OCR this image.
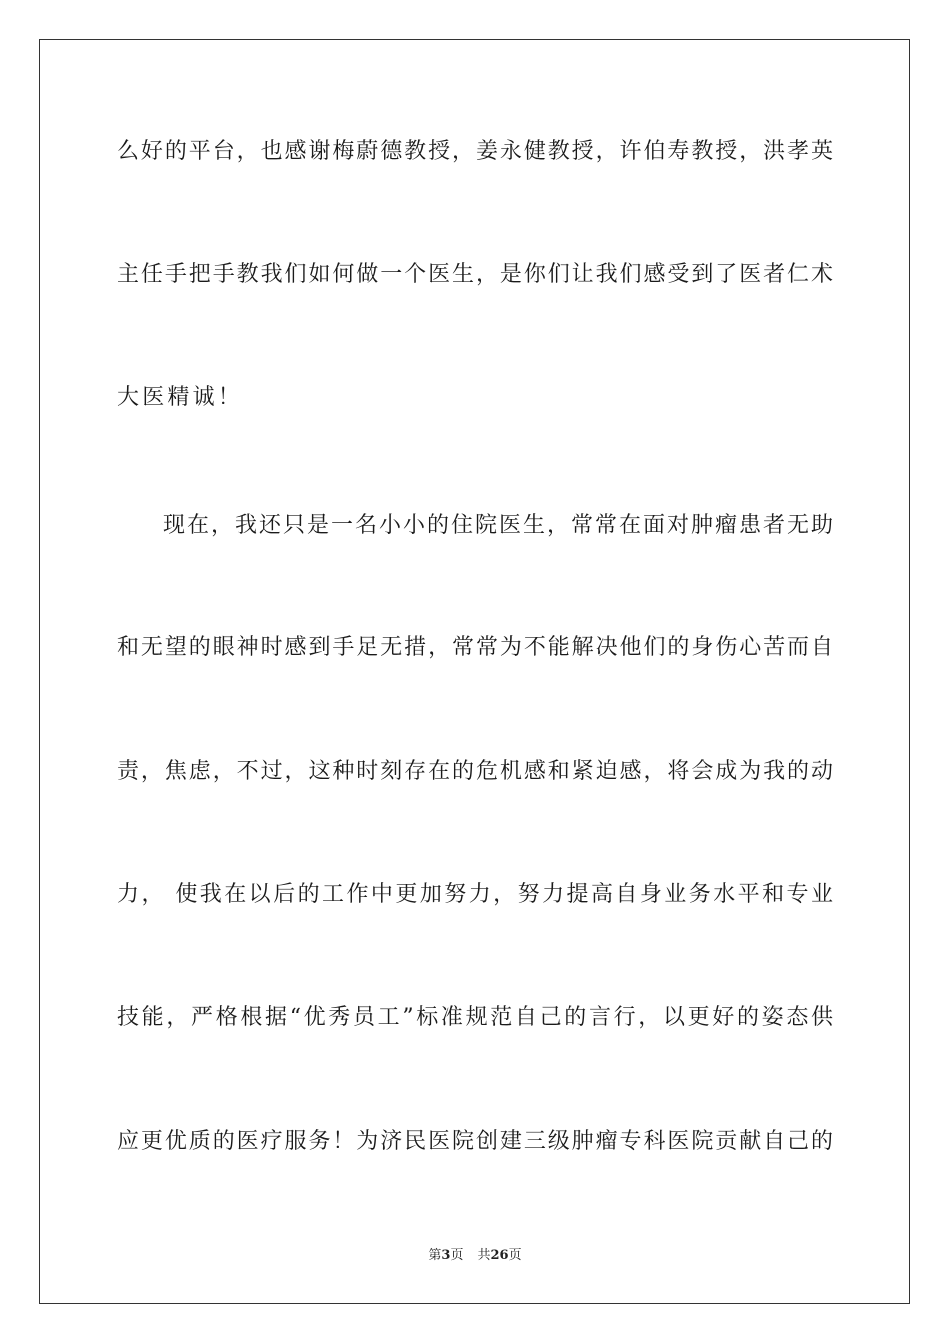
么好的平台，也感谢梅蔚德教授，姜永健教授，许伯寿教授，洪孝英
主任手把手教我们如何做一个医生，是你们让我们感受到了医者仁术
大医精诚！
现在，我还只是一名小小的住院医生，常常在面对肿瘤患者无助
和无望的眼神时感到手足无措，常常为不能解决他们的身伤心苦而自
责，焦虑，不过，这种时刻存在的危机感和紧迫感，将会成为我的动
力， 使我在以后的工作中更加努力，努力提高自身业务水平和专业
技能，严格根据“优秀员工”标准规范自己的言行，以更好的姿态供
应更优质的医疗服务！为济民医院创建三级肿瘤专科医院贡献自己的
第3页 共26页
